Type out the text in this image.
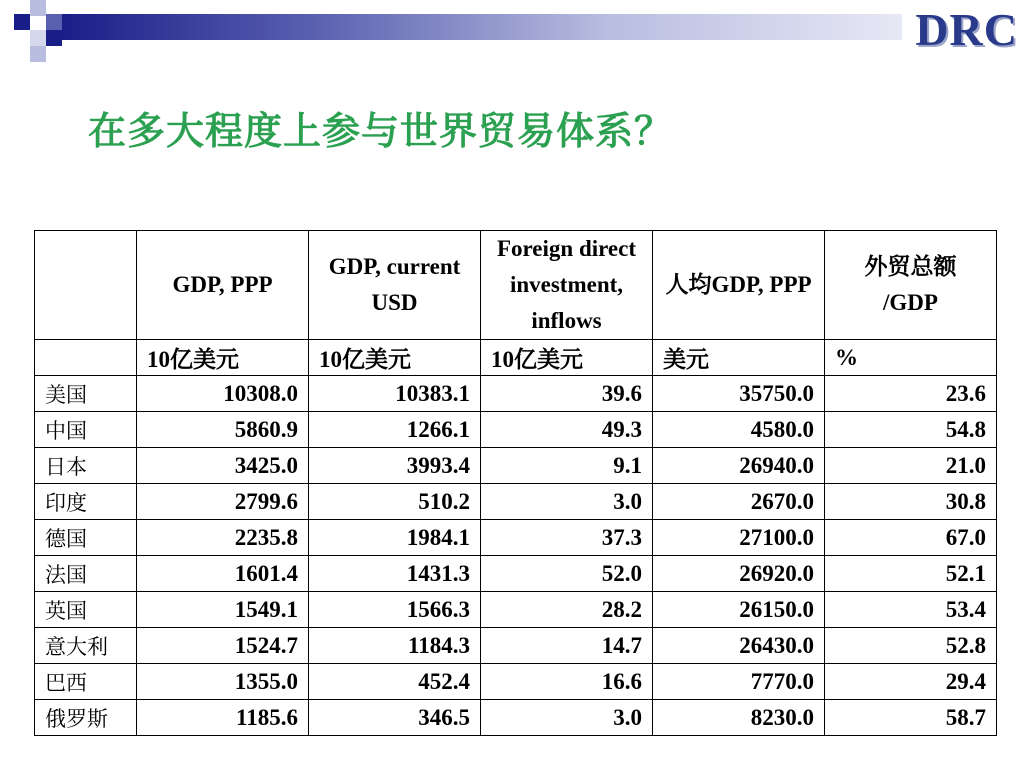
DRC
在多大程度上参与世界贸易体系？
	GDP, PPP	GDP, current USD	Foreign direct investment, inflows	人均GDP, PPP	外贸总额 /GDP
	10亿美元	10亿美元	10亿美元	美元	%
美国	10308.0	10383.1	39.6	35750.0	23.6
中国	5860.9	1266.1	49.3	4580.0	54.8
日本	3425.0	3993.4	9.1	26940.0	21.0
印度	2799.6	510.2	3.0	2670.0	30.8
德国	2235.8	1984.1	37.3	27100.0	67.0
法国	1601.4	1431.3	52.0	26920.0	52.1
英国	1549.1	1566.3	28.2	26150.0	53.4
意大利	1524.7	1184.3	14.7	26430.0	52.8
巴西	1355.0	452.4	16.6	7770.0	29.4
俄罗斯	1185.6	346.5	3.0	8230.0	58.7
